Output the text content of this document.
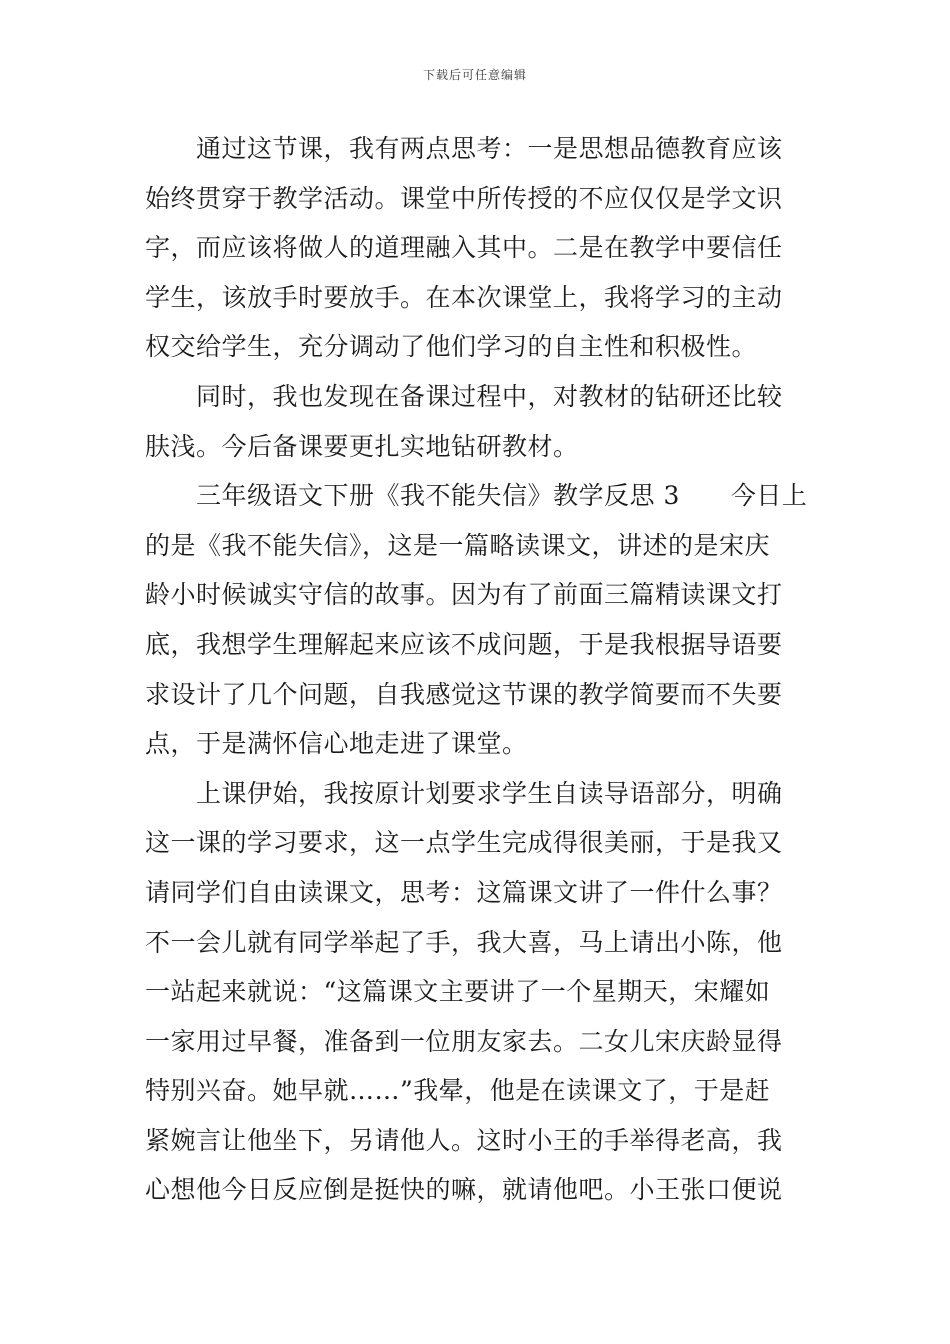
下载后可任意编辑
　　通过这节课，我有两点思考：一是思想品德教育应该
始终贯穿于教学活动。课堂中所传授的不应仅仅是学文识
字，而应该将做人的道理融入其中。二是在教学中要信任
学生，该放手时要放手。在本次课堂上，我将学习的主动
权交给学生，充分调动了他们学习的自主性和积极性。
　　同时，我也发现在备课过程中，对教材的钻研还比较
肤浅。今后备课要更扎实地钻研教材。
　　三年级语文下册《我不能失信》教学反思 3　　今日上
的是《我不能失信》，这是一篇略读课文，讲述的是宋庆
龄小时候诚实守信的故事。因为有了前面三篇精读课文打
底，我想学生理解起来应该不成问题，于是我根据导语要
求设计了几个问题，自我感觉这节课的教学简要而不失要
点，于是满怀信心地走进了课堂。
　　上课伊始，我按原计划要求学生自读导语部分，明确
这一课的学习要求，这一点学生完成得很美丽，于是我又
请同学们自由读课文，思考：这篇课文讲了一件什么事？
不一会儿就有同学举起了手，我大喜，马上请出小陈，他
一站起来就说：“这篇课文主要讲了一个星期天，宋耀如
一家用过早餐，准备到一位朋友家去。二女儿宋庆龄显得
特别兴奋。她早就……”我晕，他是在读课文了，于是赶
紧婉言让他坐下，另请他人。这时小王的手举得老高，我
心想他今日反应倒是挺快的嘛，就请他吧。小王张口便说
